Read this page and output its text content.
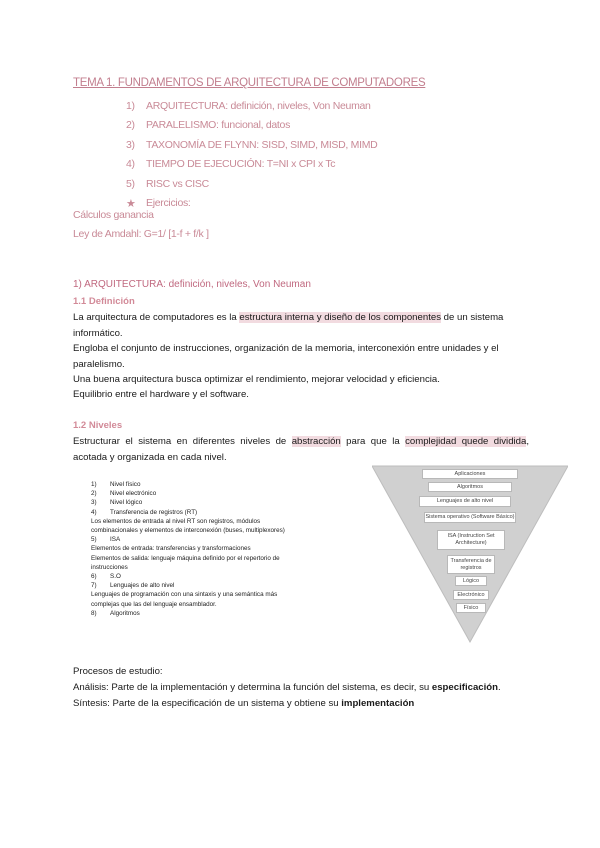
TEMA 1. FUNDAMENTOS DE ARQUITECTURA DE COMPUTADORES
1)	ARQUITECTURA: definición, niveles, Von Neuman
2)	PARALELISMO: funcional, datos
3)	TAXONOMÍA DE FLYNN: SISD, SIMD, MISD, MIMD
4)	TIEMPO DE EJECUCIÓN: T=NI x CPI x Tc
5)	RISC vs CISC
★ Ejercicios:
Cálculos ganancia
Ley de Amdahl: G=1/ [1-f + f/k ]
1) ARQUITECTURA: definición, niveles, Von Neuman
1.1 Definición

La arquitectura de computadores es la estructura interna y diseño de los componentes de un sistema informático.

Engloba el conjunto de instrucciones, organización de la memoria, interconexión entre unidades y el paralelismo.

Una buena arquitectura busca optimizar el rendimiento, mejorar velocidad y eficiencia.

Equilibrio entre el hardware y el software.

1.2 Niveles

Estructurar el sistema en diferentes niveles de abstracción para que la complejidad quede dividida, acotada y organizada en cada nivel.

1)	Nivel físico
2)	Nivel electrónico
3)	Nivel lógico
4)	Transferencia de registros (RT)
Los elementos de entrada al nivel RT son registros, módulos
combinacionales y elementos de interconexión (buses, multiplexores)
5)	ISA
Elementos de entrada: transferencias y transformaciones
Elementos de salida: lenguaje máquina definido por el repertorio de
instrucciones
6)	S.O
7)	Lenguajes de alto nivel
Lenguajes de programación con una sintaxis y una semántica más
complejas que las del lenguaje ensamblador.
8)	Algoritmos
Aplicaciones
Algoritmos
Lenguajes de alto nivel
Sistema operativo (Software Básico)
ISA (Instruction Set Architecture)
Transferencia de registros
Lógico
Electrónico
Físico
Procesos de estudio:
Análisis: Parte de la implementación y determina la función del sistema, es decir, su especificación.
Síntesis: Parte de la especificación de un sistema y obtiene su implementación
